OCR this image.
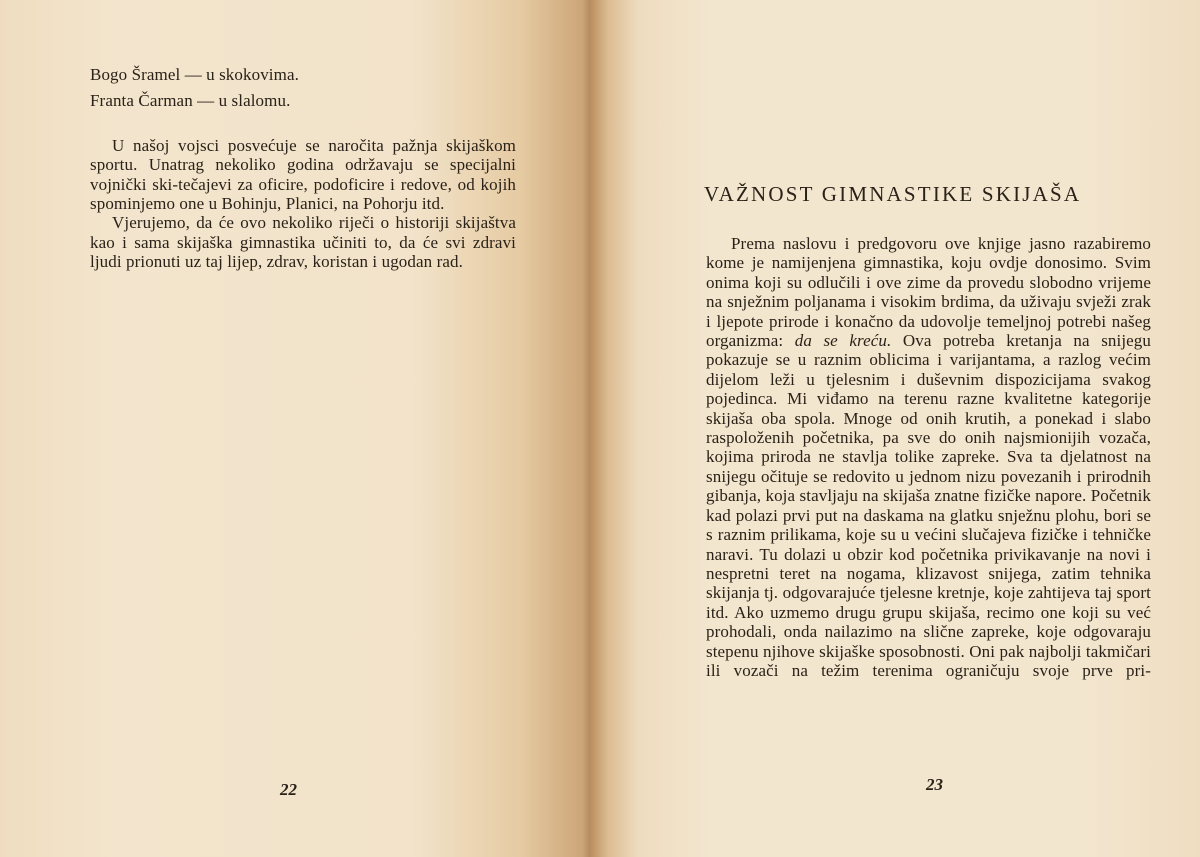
Bogo Šramel — u skokovima.

Franta Čarman — u slalomu.

U našoj vojsci posvećuje se naročita pažnja skijaškom sportu. Unatrag nekoliko godina održavaju se specijalni vojnički ski-tečajevi za oficire, podoficire i redove, od kojih spominjemo one u Bohinju, Planici, na Pohorju itd.

Vjerujemo, da će ovo nekoliko riječi o historiji skijaštva kao i sama skijaška gimnastika učiniti to, da će svi zdravi ljudi prionuti uz taj lijep, zdrav, koristan i ugodan rad.

22
VAŽNOST GIMNASTIKE SKIJAŠA

Prema naslovu i predgovoru ove knjige jasno razabiremo kome je namijenjena gimnastika, koju ovdje donosimo. Svim onima koji su odlučili i ove zime da provedu slobodno vrijeme na snježnim poljanama i visokim brdima, da uživaju svježi zrak i ljepote prirode i konačno da udovolje temeljnoj potrebi našeg organizma: da se kreću. Ova potreba kretanja na snijegu pokazuje se u raznim oblicima i varijantama, a razlog većim dijelom leži u tjelesnim i duševnim dispozicijama svakog pojedinca. Mi viđamo na terenu razne kvalitetne kategorije skijaša oba spola. Mnoge od onih krutih, a ponekad i slabo raspoloženih početnika, pa sve do onih najsmionijih vozača, kojima priroda ne stavlja tolike zapreke. Sva ta djelatnost na snijegu očituje se redovito u jednom nizu povezanih i prirodnih gibanja, koja stavljaju na skijaša znatne fizičke napore. Početnik kad polazi prvi put na daskama na glatku snježnu plohu, bori se s raznim prilikama, koje su u većini slučajeva fizičke i tehničke naravi. Tu dolazi u obzir kod početnika privikavanje na novi i nespretni teret na nogama, klizavost snijega, zatim tehnika skijanja tj. odgovarajuće tjelesne kretnje, koje zahtijeva taj sport itd. Ako uzmemo drugu grupu skijaša, recimo one koji su već prohodali, onda nailazimo na slične zapreke, koje odgovaraju stepenu njihove skijaške sposobnosti. Oni pak najbolji takmičari ili vozači na težim terenima ograničuju svoje prve pri-

23
